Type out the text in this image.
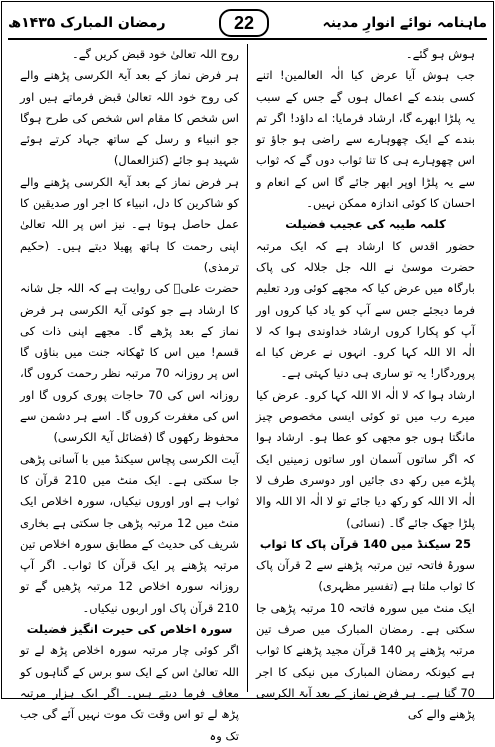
رمضان المبارک ۱۴۳۵ھ	22	ماہنامہ نوائے انوارِ مدینہ

روح اللہ تعالیٰ خود قبض کریں گے۔

ہر فرض نماز کے بعد آیۃ الکرسی پڑھنے والے کی روح خود اللہ تعالیٰ قبض فرماتے ہیں اور اس شخص کا مقام اس شخص کی طرح ہوگا جو انبیاء و رسل کے ساتھ جہاد کرتے ہوئے شہید ہو جائے (کنزالعمال)

ہر فرض نماز کے بعد آیۃ الکرسی پڑھنے والے کو شاکرین کا دل، انبیاء کا اجر اور صدیقین کا عمل حاصل ہوتا ہے۔ نیز اس پر اللہ تعالیٰ اپنی رحمت کا ہاتھ پھیلا دیتے ہیں۔ (حکیم ترمذی)

حضرت علیؓ کی روایت ہے کہ اللہ جل شانہ کا ارشاد ہے جو کوئی آیۃ الکرسی ہر فرض نماز کے بعد پڑھے گا۔ مجھے اپنی ذات کی قسم! میں اس کا ٹھکانہ جنت میں بناؤں گا اس پر روزانہ 70 مرتبہ نظر رحمت کروں گا، روزانہ اس کی 70 حاجات پوری کروں گا اور اس کی مغفرت کروں گا۔ اسے ہر دشمن سے محفوظ رکھوں گا (فضائل آیۃ الکرسی)

آیت الکرسی پچاس سیکنڈ میں با آسانی پڑھی جا سکتی ہے۔ ایک منٹ میں 210 قرآن کا ثواب ہے اور اوروں نیکیاں، سورہ اخلاص ایک منٹ میں 12 مرتبہ پڑھی جا سکتی ہے بخاری شریف کی حدیث کے مطابق سورہ اخلاص تین مرتبہ پڑھنے پر ایک قرآن کا ثواب۔ اگر آپ روزانہ سورہ اخلاص 12 مرتبہ پڑھیں گے تو 210 قرآن پاک اور اربوں نیکیاں۔

سورہ اخلاص کی حیرت انگیز فضیلت

اگر کوئی چار مرتبہ سورہ اخلاص پڑھ لے تو اللہ تعالیٰ اس کے ایک سو برس کے گناہوں کو معاف فرما دیتے ہیں۔ اگر ایک ہزار مرتبہ پڑھ لے تو اس وقت تک موت نہیں آئے گی جب تک وہ

ہوش ہو گئے۔

جب ہوش آیا عرض کیا الٰہ العالمین! اتنے کسی بندے کے اعمال ہوں گے جس کے سبب یہ پلڑا ابھرے گا، ارشاد فرمایا: اے داؤد! اگر تم بندے کے ایک چھوہارے سے راضی ہو جاؤ تو اس چھوہارے ہی کا تنا ثواب دوں گے کہ ثواب سے یہ پلڑا اوپر ابھر جائے گا اس کے انعام و احسان کا کوئی اندازہ ممکن نہیں۔

کلمہ طیبہ کی عجیب فضیلت

حضور اقدس کا ارشاد ہے کہ ایک مرتبہ حضرت موسیٰ نے اللہ جل جلالہ کی پاک بارگاہ میں عرض کیا کہ مجھے کوئی ورد تعلیم فرما دیجئے جس سے آپ کو یاد کیا کروں اور آپ کو پکارا کروں ارشاد خداوندی ہوا کہ لا الٰہ الا اللہ کہا کرو۔ انہوں نے عرض کیا اے پروردگار! یہ تو ساری ہی دنیا کہتی ہے۔

ارشاد ہوا کہ لا الٰہ الا اللہ کہا کرو۔ عرض کیا میرے رب میں تو کوئی ایسی مخصوص چیز مانگتا ہوں جو مجھی کو عطا ہو۔ ارشاد ہوا کہ اگر ساتوں آسمان اور ساتوں زمینیں ایک پلڑے میں رکھ دی جائیں اور دوسری طرف لا الٰہ الا اللہ کو رکھ دیا جائے تو لا الٰہ الا اللہ والا پلڑا جھک جائے گا۔ (نسائی)

25 سیکنڈ میں 140 قرآن پاک کا ثواب

سورۂ فاتحہ تین مرتبہ پڑھنے سے 2 قرآن پاک کا ثواب ملتا ہے (تفسیر مظہری)

ایک منٹ میں سورہ فاتحہ 10 مرتبہ پڑھی جا سکتی ہے۔ رمضان المبارک میں صرف تین مرتبہ پڑھنے پر 140 قرآن مجید پڑھنے کا ثواب ہے کیونکہ رمضان المبارک میں نیکی کا اجر 70 گنا ہے۔ ہر فرض نماز کے بعد آیۃ الکرسی پڑھنے والے کی
